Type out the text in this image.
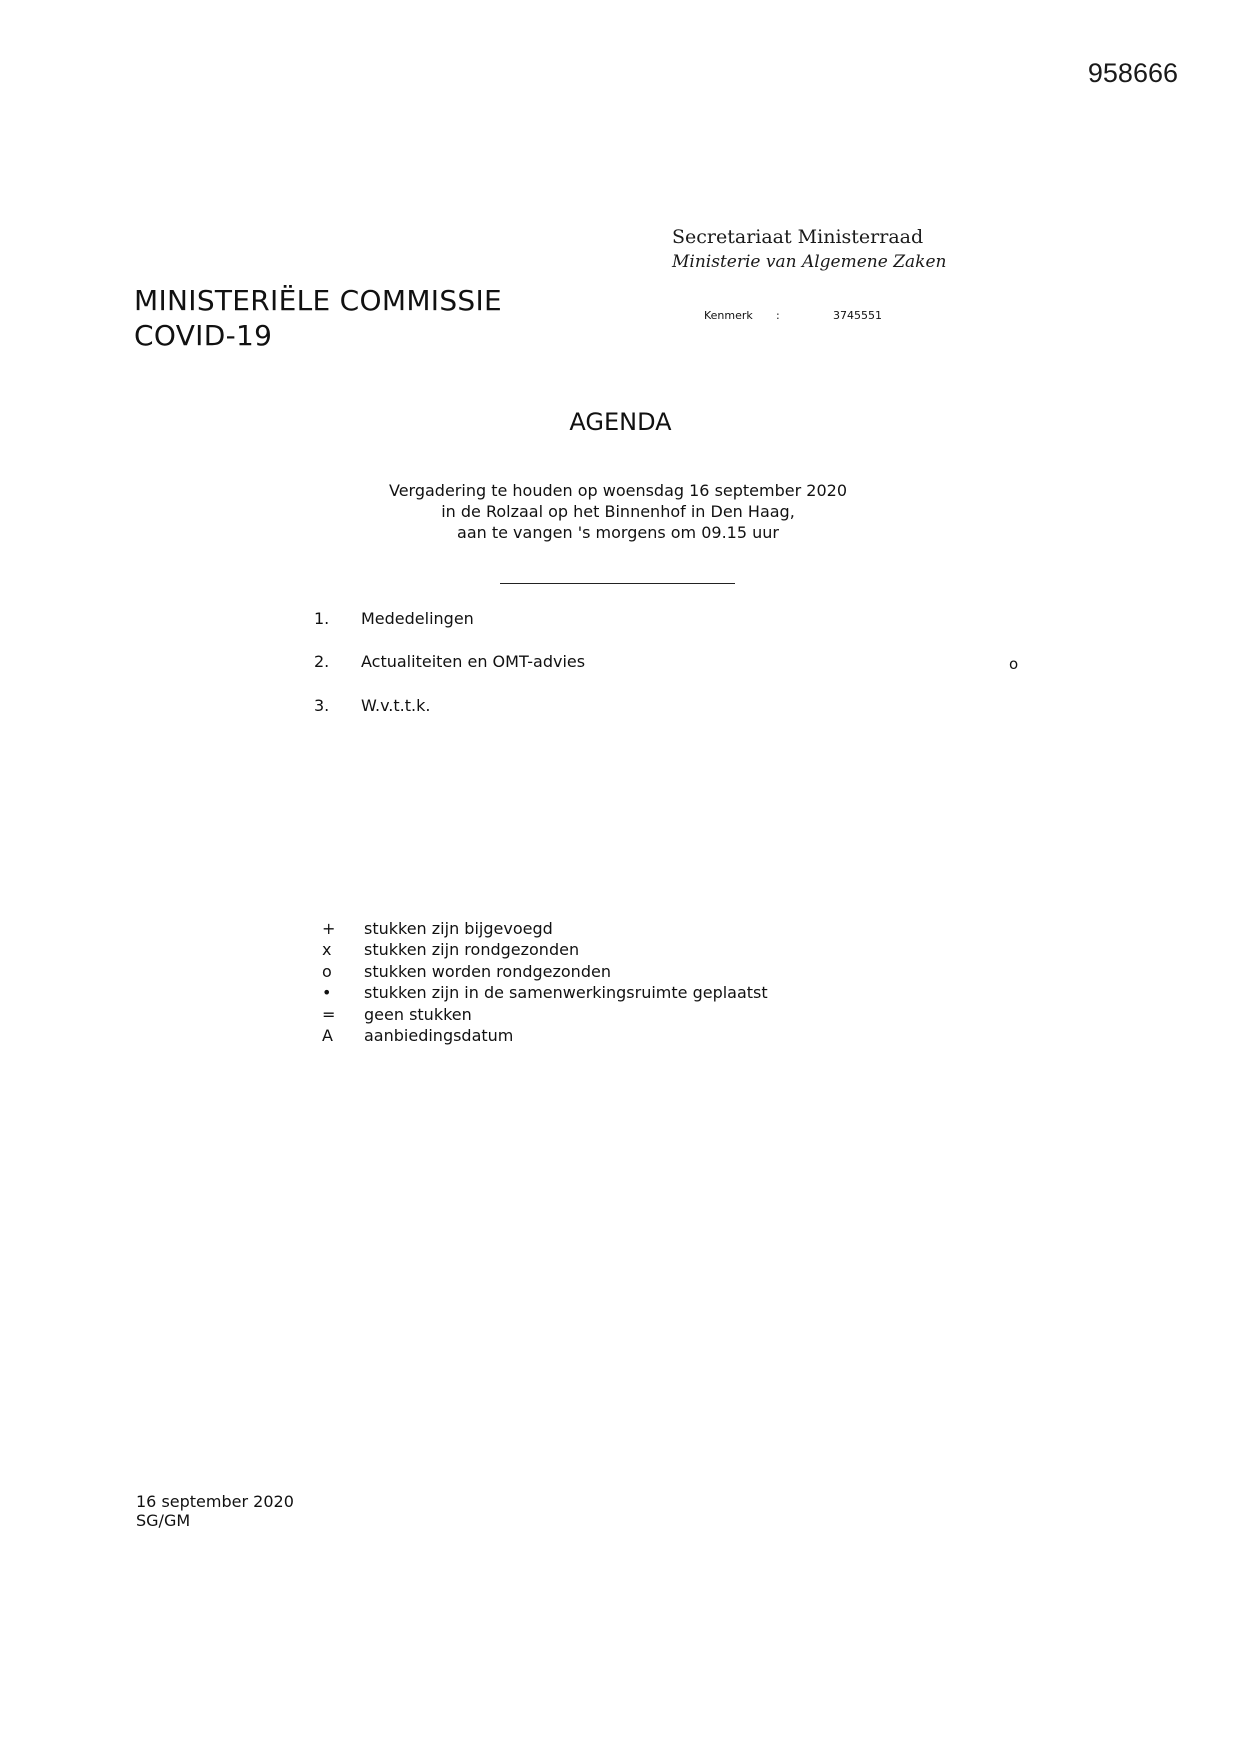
958666
Secretariaat Ministerraad
Ministerie van Algemene Zaken
MINISTERIËLE COMMISSIE
COVID-19
Kenmerk :	3745551
AGENDA
Vergadering te houden op woensdag 16 september 2020
in de Rolzaal op het Binnenhof in Den Haag,
aan te vangen 's morgens om 09.15 uur
1. Mededelingen
2. Actualiteiten en OMT-advies	o
3. W.v.t.t.k.
+ stukken zijn bijgevoegd
x stukken zijn rondgezonden
o stukken worden rondgezonden
• stukken zijn in de samenwerkingsruimte geplaatst
= geen stukken
A aanbiedingsdatum
16 september 2020
SG/GM
